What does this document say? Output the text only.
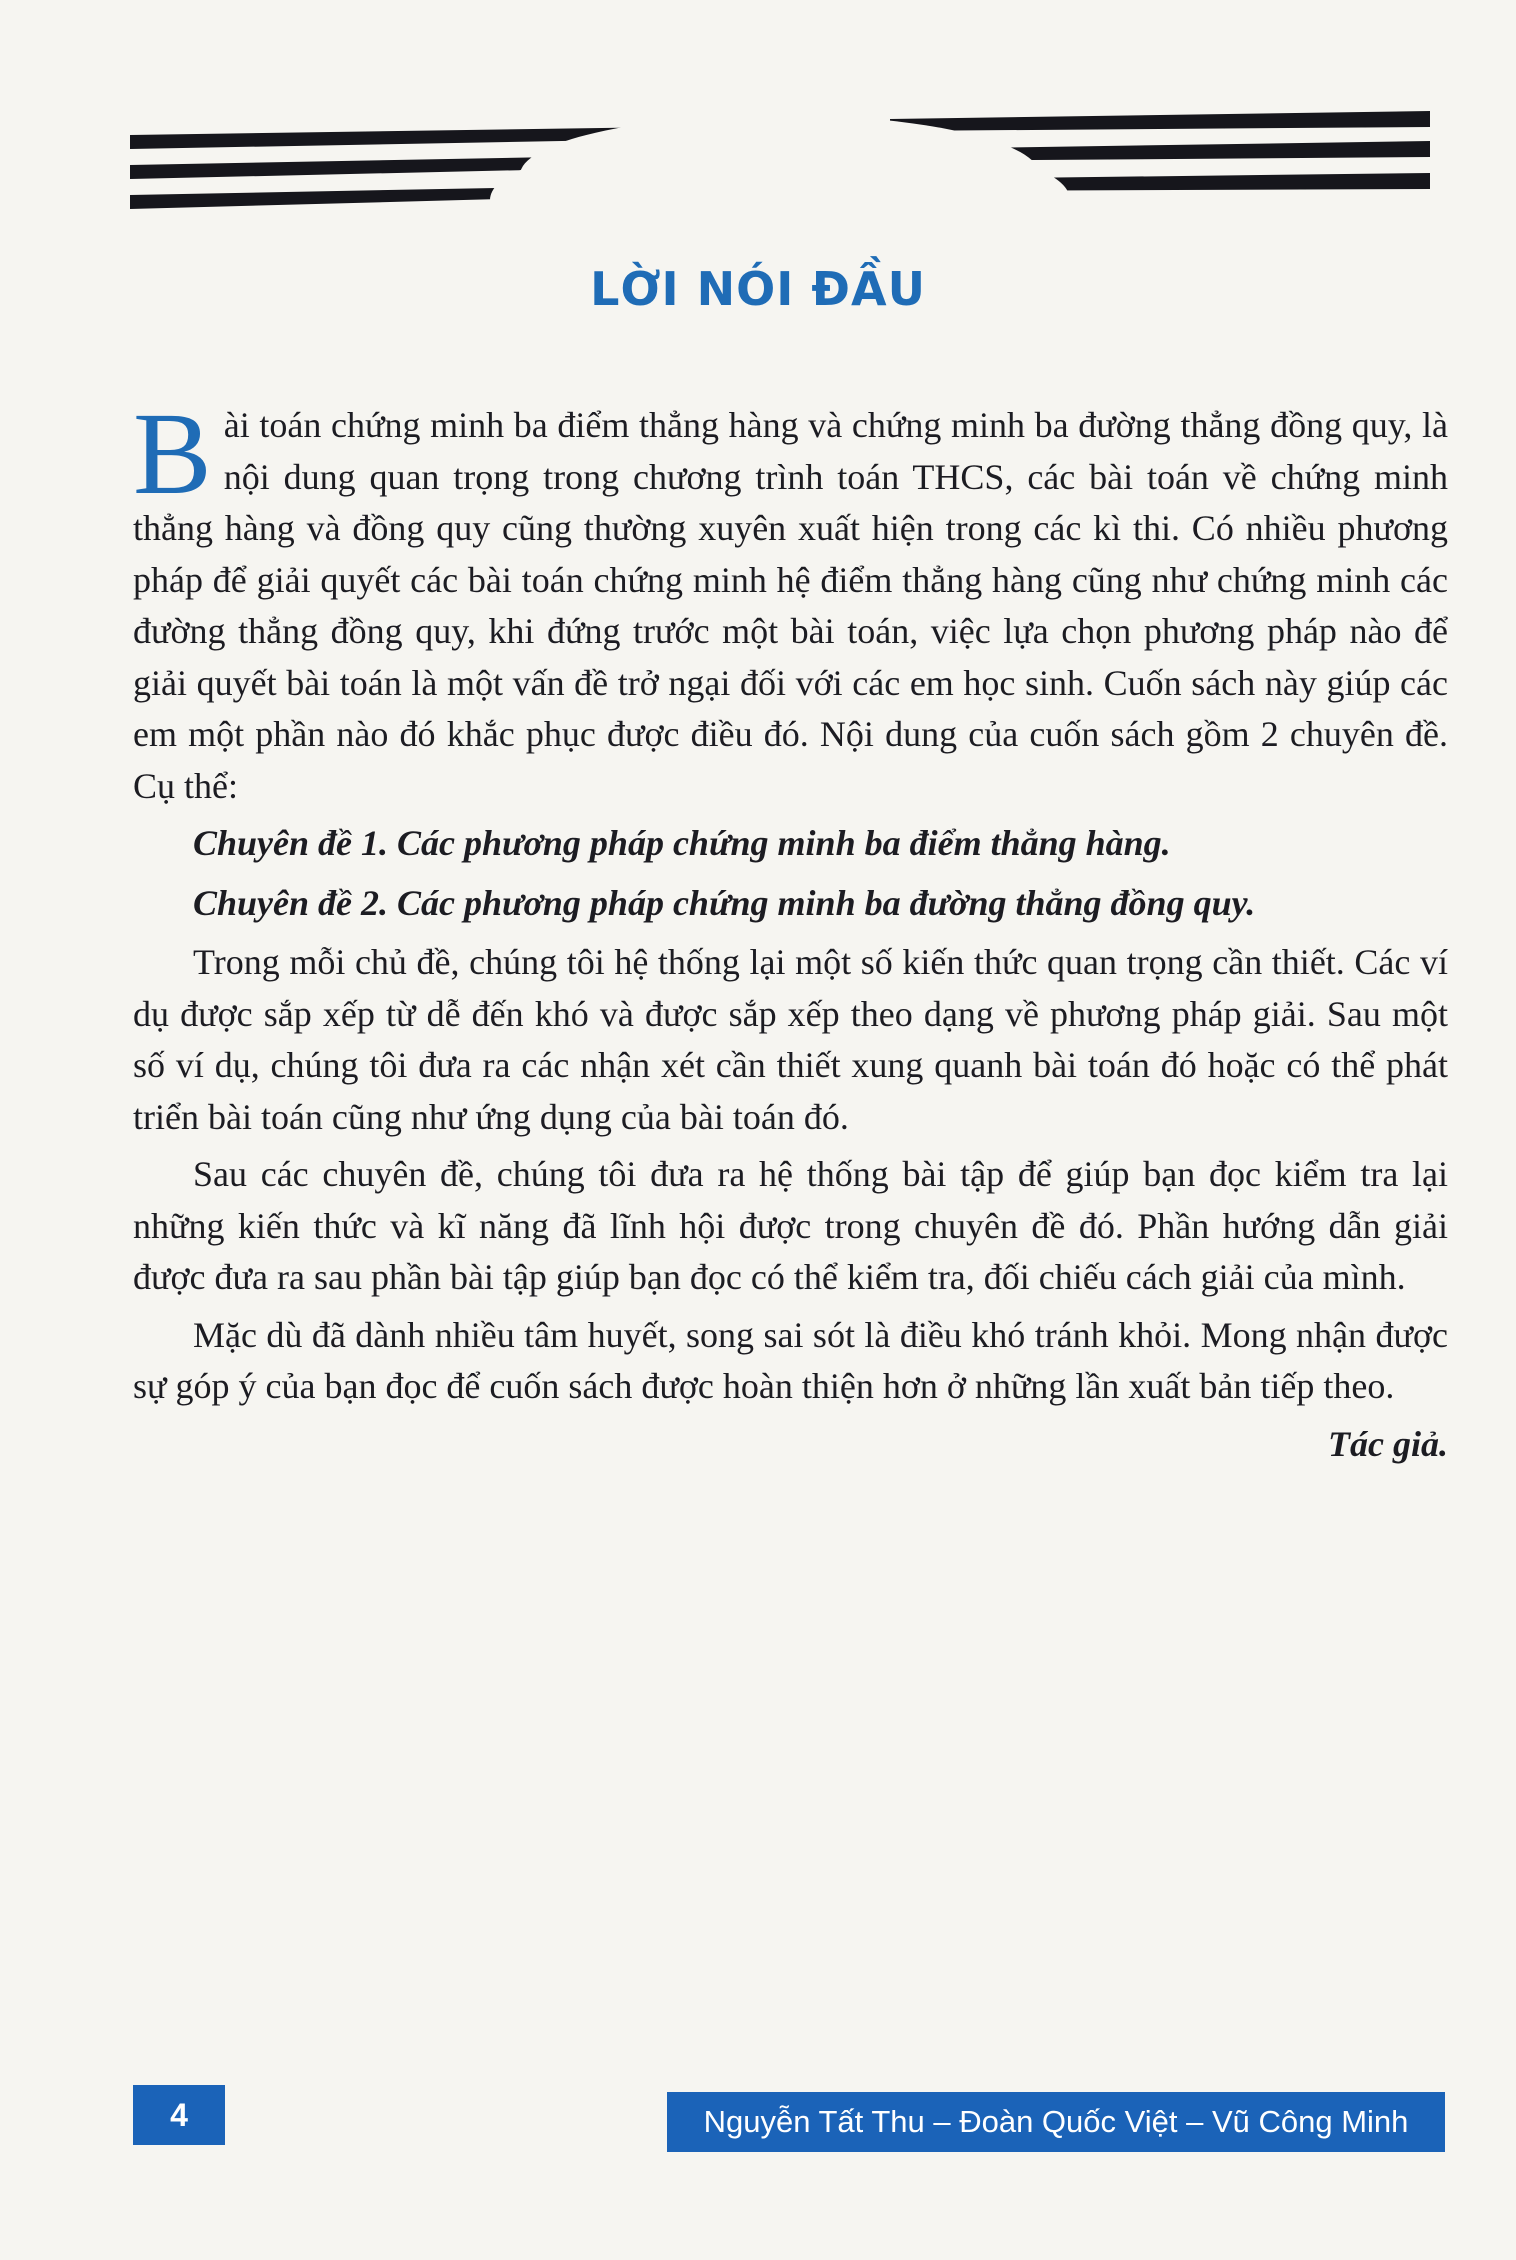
LỜI NÓI ĐẦU

Bài toán chứng minh ba điểm thẳng hàng và chứng minh ba đường thẳng đồng quy, là nội dung quan trọng trong chương trình toán THCS, các bài toán về chứng minh thẳng hàng và đồng quy cũng thường xuyên xuất hiện trong các kì thi. Có nhiều phương pháp để giải quyết các bài toán chứng minh hệ điểm thẳng hàng cũng như chứng minh các đường thẳng đồng quy, khi đứng trước một bài toán, việc lựa chọn phương pháp nào để giải quyết bài toán là một vấn đề trở ngại đối với các em học sinh. Cuốn sách này giúp các em một phần nào đó khắc phục được điều đó. Nội dung của cuốn sách gồm 2 chuyên đề. Cụ thể:

Chuyên đề 1. Các phương pháp chứng minh ba điểm thẳng hàng.

Chuyên đề 2. Các phương pháp chứng minh ba đường thẳng đồng quy.

Trong mỗi chủ đề, chúng tôi hệ thống lại một số kiến thức quan trọng cần thiết. Các ví dụ được sắp xếp từ dễ đến khó và được sắp xếp theo dạng về phương pháp giải. Sau một số ví dụ, chúng tôi đưa ra các nhận xét cần thiết xung quanh bài toán đó hoặc có thể phát triển bài toán cũng như ứng dụng của bài toán đó.

Sau các chuyên đề, chúng tôi đưa ra hệ thống bài tập để giúp bạn đọc kiểm tra lại những kiến thức và kĩ năng đã lĩnh hội được trong chuyên đề đó. Phần hướng dẫn giải được đưa ra sau phần bài tập giúp bạn đọc có thể kiểm tra, đối chiếu cách giải của mình.

Mặc dù đã dành nhiều tâm huyết, song sai sót là điều khó tránh khỏi. Mong nhận được sự góp ý của bạn đọc để cuốn sách được hoàn thiện hơn ở những lần xuất bản tiếp theo.

Tác giả.

4	Nguyễn Tất Thu – Đoàn Quốc Việt – Vũ Công Minh
